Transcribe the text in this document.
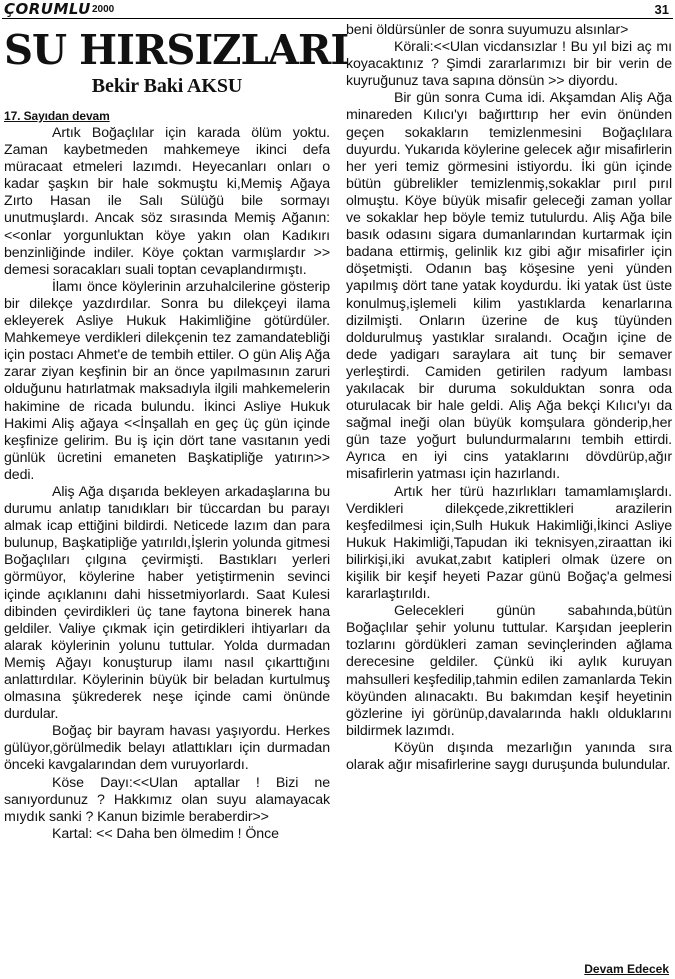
ÇORUMLU 2000	31
SU HIRSIZLARI
Bekir Baki AKSU

17. Sayıdan devam

Artık Boğaçlılar için karada ölüm yoktu. Zaman kaybetmeden mahkemeye ikinci defa müracaat etmeleri lazımdı. Heyecanları onları o kadar şaşkın bir hale sokmuştu ki,Memiş Ağaya Zırto Hasan ile Salı Sülüğü bile sormayı unutmuşlardı. Ancak söz sırasında Memiş Ağanın:<<onlar yorgunluktan köye yakın olan Kadıkırı benzinliğinde indiler. Köye çoktan varmışlardır >> demesi soracakları suali toptan cevaplandırmıştı.

İlamı önce köylerinin arzuhalcilerine gösterip bir dilekçe yazdırdılar. Sonra bu dilekçeyi ilama ekleyerek Asliye Hukuk Hakimliğine götürdüler. Mahkemeye verdikleri dilekçenin tez zamandatebliği için postacı Ahmet'e de tembih ettiler. O gün Aliş Ağa zarar ziyan keşfinin bir an önce yapılmasının zaruri olduğunu hatırlatmak maksadıyla ilgili mahkemelerin hakimine de ricada bulundu. İkinci Asliye Hukuk Hakimi Aliş ağaya <<İnşallah en geç üç gün içinde keşfinize gelirim. Bu iş için dört tane vasıtanın yedi günlük ücretini emaneten Başkatipliğe yatırın>> dedi.

Aliş Ağa dışarıda bekleyen arkadaşlarına bu durumu anlatıp tanıdıkları bir tüccardan bu parayı almak icap ettiğini bildirdi. Neticede lazım dan para bulunup, Başkatipliğe yatırıldı,İşlerin yolunda gitmesi Boğaçlıları çılgına çevirmişti. Bastıkları yerleri görmüyor, köylerine haber yetiştirmenin sevinci içinde açıklanını dahi hissetmiyorlardı. Saat Kulesi dibinden çevirdikleri üç tane faytona binerek hana geldiler. Valiye çıkmak için getirdikleri ihtiyarları da alarak köylerinin yolunu tuttular. Yolda durmadan Memiş Ağayı konuşturup ilamı nasıl çıkarttığını anlattırdılar. Köylerinin büyük bir beladan kurtulmuş olmasına şükrederek neşe içinde cami önünde durdular.

Boğaç bir bayram havası yaşıyordu. Herkes gülüyor,görülmedik belayı atlattıkları için durmadan önceki kavgalarından dem vuruyorlardı.

Köse Dayı:<<Ulan aptallar ! Bizi ne sanıyordunuz ? Hakkımız olan suyu alamayacak mıydık sanki ? Kanun bizimle beraberdir>>

Kartal: << Daha ben ölmedim ! Önce

beni öldürsünler de sonra suyumuzu alsınlar>

Körali:<<Ulan vicdansızlar ! Bu yıl bizi aç mı koyacaktınız ? Şimdi zararlarımızı bir bir verin de kuyruğunuz tava sapına dönsün >> diyordu.

Bir gün sonra Cuma idi. Akşamdan Aliş Ağa minareden Kılıcı'yı bağırttırıp her evin önünden geçen sokakların temizlenmesini Boğaçlılara duyurdu. Yukarıda köylerine gelecek ağır misafirlerin her yeri temiz görmesini istiyordu. İki gün içinde bütün gübrelikler temizlenmiş,sokaklar pırıl pırıl olmuştu. Köye büyük misafir geleceği zaman yollar ve sokaklar hep böyle temiz tutulurdu. Aliş Ağa bile basık odasını sigara dumanlarından kurtarmak için badana ettirmiş, gelinlik kız gibi ağır misafirler için döşetmişti. Odanın baş köşesine yeni yünden yapılmış dört tane yatak koydurdu. İki yatak üst üste konulmuş,işlemeli kilim yastıklarda kenarlarına dizilmişti. Onların üzerine de kuş tüyünden doldurulmuş yastıklar sıralandı. Ocağın içine de dede yadigarı saraylara ait tunç bir semaver yerleştirdi. Camiden getirilen radyum lambası yakılacak bir duruma sokulduktan sonra oda oturulacak bir hale geldi. Aliş Ağa bekçi Kılıcı'yı da sağmal ineği olan büyük komşulara gönderip,her gün taze yoğurt bulundurmalarını tembih ettirdi. Ayrıca en iyi cins yataklarını dövdürüp,ağır misafirlerin yatması için hazırlandı.

Artık her türü hazırlıkları tamamlamışlardı. Verdikleri dilekçede,zikrettikleri arazilerin keşfedilmesi için,Sulh Hukuk Hakimliği,İkinci Asliye Hukuk Hakimliği,Tapudan iki teknisyen,ziraattan iki bilirkişi,iki avukat,zabıt katipleri olmak üzere on kişilik bir keşif heyeti Pazar günü Boğaç'a gelmesi kararlaştırıldı.

Gelecekleri günün sabahında,bütün Boğaçlılar şehir yolunu tuttular. Karşıdan jeeplerin tozlarını gördükleri zaman sevinçlerinden ağlama derecesine geldiler. Çünkü iki aylık kuruyan mahsulleri keşfedilip,tahmin edilen zamanlarda Tekin köyünden alınacaktı. Bu bakımdan keşif heyetinin gözlerine iyi görünüp,davalarında haklı olduklarını bildirmek lazımdı.

Köyün dışında mezarlığın yanında sıra olarak ağır misafirlerine saygı duruşunda bulundular.

Devam Edecek
